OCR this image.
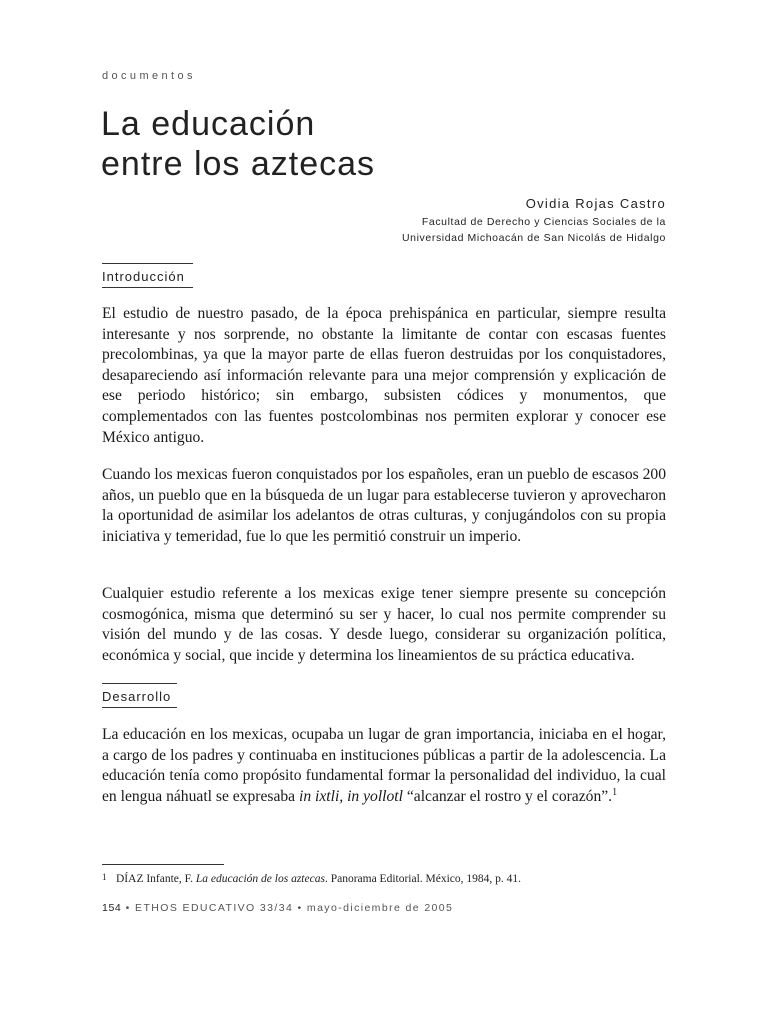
documentos
La educación
entre los aztecas
Ovidia Rojas Castro
Facultad de Derecho y Ciencias Sociales de la
Universidad Michoacán de San Nicolás de Hidalgo
Introducción

El estudio de nuestro pasado, de la época prehispánica en particular, siempre resulta interesante y nos sorprende, no obstante la limitante de contar con escasas fuentes precolombinas, ya que la mayor parte de ellas fueron destruidas por los conquistadores, desapareciendo así información relevante para una mejor comprensión y explicación de ese periodo histórico; sin embargo, subsisten códices y monumentos, que complementados con las fuentes postcolombinas nos permiten explorar y conocer ese México antiguo.

Cuando los mexicas fueron conquistados por los españoles, eran un pueblo de escasos 200 años, un pueblo que en la búsqueda de un lugar para establecerse tuvieron y aprovecharon la oportunidad de asimilar los adelantos de otras culturas, y conjugándolos con su propia iniciativa y temeridad, fue lo que les permitió construir un imperio.

Cualquier estudio referente a los mexicas exige tener siempre presente su concepción cosmogónica, misma que determinó su ser y hacer, lo cual nos permite comprender su visión del mundo y de las cosas. Y desde luego, considerar su organización política, económica y social, que incide y determina los lineamientos de su práctica educativa.

Desarrollo

La educación en los mexicas, ocupaba un lugar de gran importancia, iniciaba en el hogar, a cargo de los padres y continuaba en instituciones públicas a partir de la adolescencia. La educación tenía como propósito fundamental formar la personalidad del individuo, la cual en lengua náhuatl se expresaba in ixtli, in yollotl “alcanzar el rostro y el corazón”.$^1$

1 DÍAZ Infante, F. La educación de los aztecas. Panorama Editorial. México, 1984, p. 41.
154 • ETHOS EDUCATIVO 33/34 • mayo-diciembre de 2005
